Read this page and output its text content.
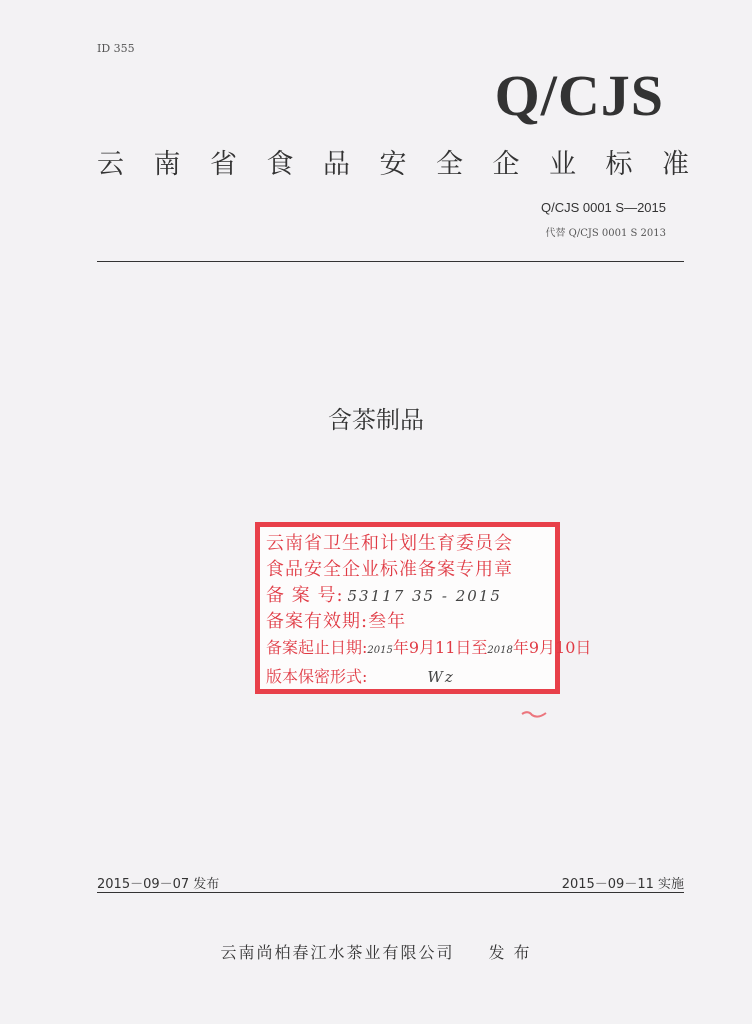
ID 355
Q/CJS
云 南 省 食 品 安 全 企 业 标 准
Q/CJS 0001 S—2015
代替 Q/CJS 0001 S 2013
含茶制品
云南省卫生和计划生育委员会
食品安全企业标准备案专用章
备 案 号: 53117 35 - 2015
备案有效期:叁年
备案起止日期:2015年9月11日至2018年9月10日
版本保密形式:	Wz
2015－09－07 发布	2015－09－11 实施
云南尚柏春江水茶业有限公司 发 布
